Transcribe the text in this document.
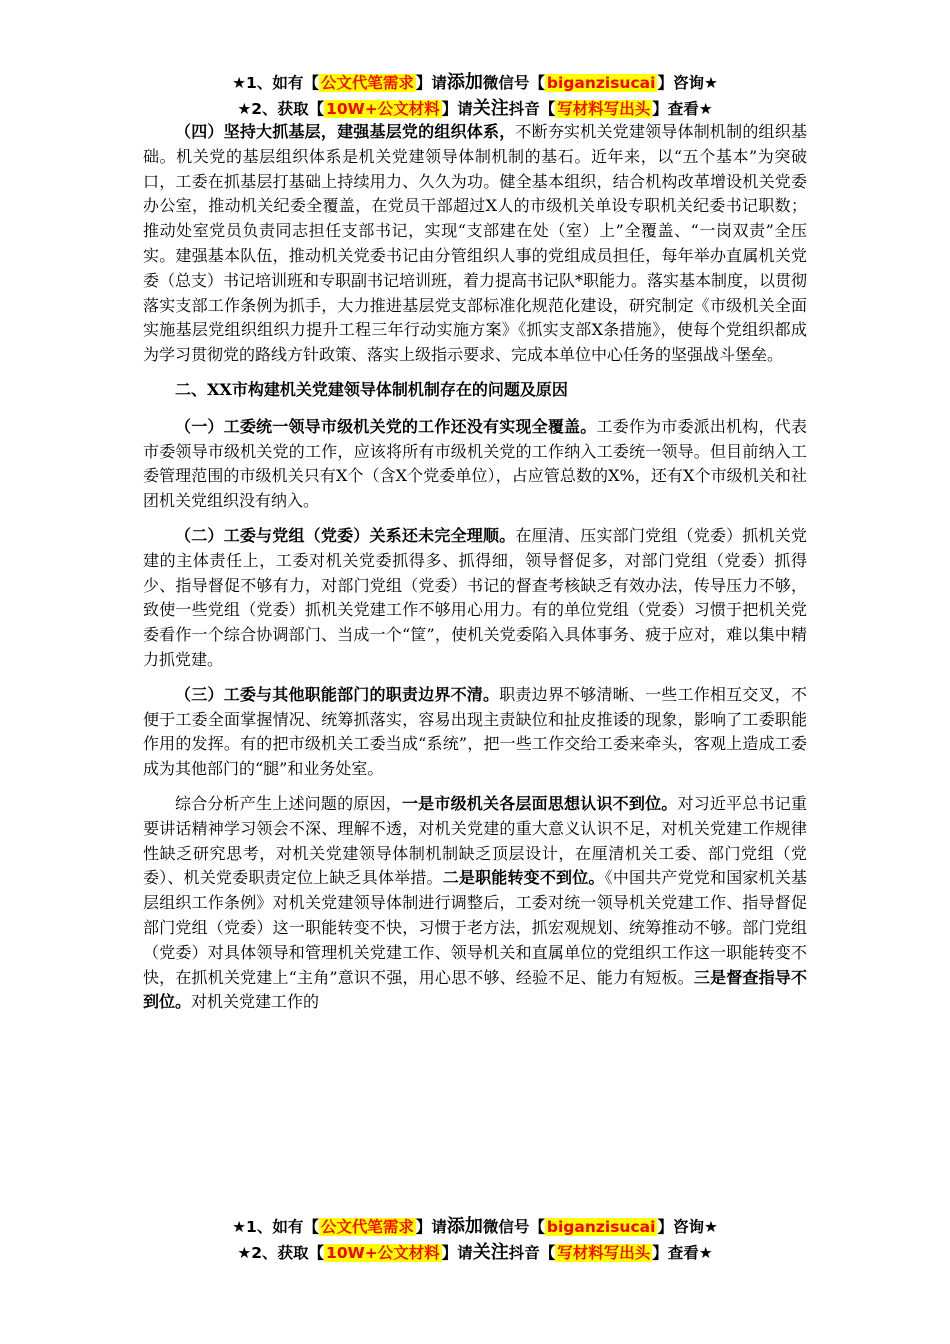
★1、如有【 公文代笔需求 】请添加微信号【 biganzisucai 】咨询★
★2、获取【 10W+公文材料 】请关注抖音【 写材料写出头 】查看★

（四）坚持大抓基层，建强基层党的组织体系，不断夯实机关党建领导体制机制的组织基础。机关党的基层组织体系是机关党建领导体制机制的基石。近年来，以“五个基本”为突破口，工委在抓基层打基础上持续用力、久久为功。健全基本组织，结合机构改革增设机关党委办公室，推动机关纪委全覆盖，在党员干部超过X人的市级机关单设专职机关纪委书记职数；推动处室党员负责同志担任支部书记，实现“支部建在处（室）上”全覆盖、“一岗双责”全压实。建强基本队伍，推动机关党委书记由分管组织人事的党组成员担任，每年举办直属机关党委（总支）书记培训班和专职副书记培训班，着力提高书记队*职能力。落实基本制度，以贯彻落实支部工作条例为抓手，大力推进基层党支部标准化规范化建设，研究制定《市级机关全面实施基层党组织组织力提升工程三年行动实施方案》《抓实支部X条措施》，使每个党组织都成为学习贯彻党的路线方针政策、落实上级指示要求、完成本单位中心任务的坚强战斗堡垒。

二、XX市构建机关党建领导体制机制存在的问题及原因

（一）工委统一领导市级机关党的工作还没有实现全覆盖。工委作为市委派出机构，代表市委领导市级机关党的工作，应该将所有市级机关党的工作纳入工委统一领导。但目前纳入工委管理范围的市级机关只有X个（含X个党委单位），占应管总数的X%，还有X个市级机关和社团机关党组织没有纳入。

（二）工委与党组（党委）关系还未完全理顺。在厘清、压实部门党组（党委）抓机关党建的主体责任上，工委对机关党委抓得多、抓得细，领导督促多，对部门党组（党委）抓得少、指导督促不够有力，对部门党组（党委）书记的督查考核缺乏有效办法，传导压力不够，致使一些党组（党委）抓机关党建工作不够用心用力。有的单位党组（党委）习惯于把机关党委看作一个综合协调部门、当成一个“筐”，使机关党委陷入具体事务、疲于应对，难以集中精力抓党建。

（三）工委与其他职能部门的职责边界不清。职责边界不够清晰、一些工作相互交叉，不便于工委全面掌握情况、统筹抓落实，容易出现主责缺位和扯皮推诿的现象，影响了工委职能作用的发挥。有的把市级机关工委当成“系统”，把一些工作交给工委来牵头，客观上造成工委成为其他部门的“腿”和业务处室。

综合分析产生上述问题的原因，一是市级机关各层面思想认识不到位。对习近平总书记重要讲话精神学习领会不深、理解不透，对机关党建的重大意义认识不足，对机关党建工作规律性缺乏研究思考，对机关党建领导体制机制缺乏顶层设计，在厘清机关工委、部门党组（党委）、机关党委职责定位上缺乏具体举措。二是职能转变不到位。《中国共产党党和国家机关基层组织工作条例》对机关党建领导体制进行调整后，工委对统一领导机关党建工作、指导督促部门党组（党委）这一职能转变不快，习惯于老方法，抓宏观规划、统筹推动不够。部门党组（党委）对具体领导和管理机关党建工作、领导机关和直属单位的党组织工作这一职能转变不快，在抓机关党建上“主角”意识不强，用心思不够、经验不足、能力有短板。三是督查指导不到位。对机关党建工作的

★1、如有【 公文代笔需求 】请添加微信号【 biganzisucai 】咨询★
★2、获取【 10W+公文材料 】请关注抖音【 写材料写出头 】查看★
